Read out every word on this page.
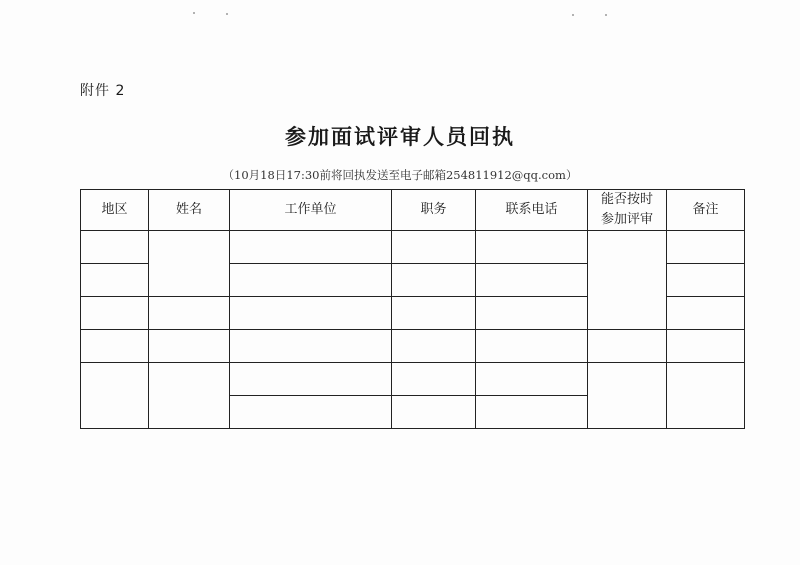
附件 2
参加面试评审人员回执
（10月18日17:30前将回执发送至电子邮箱254811912@qq.com）
地区	姓名	工作单位	职务	联系电话	能否按时参加评审	备注
